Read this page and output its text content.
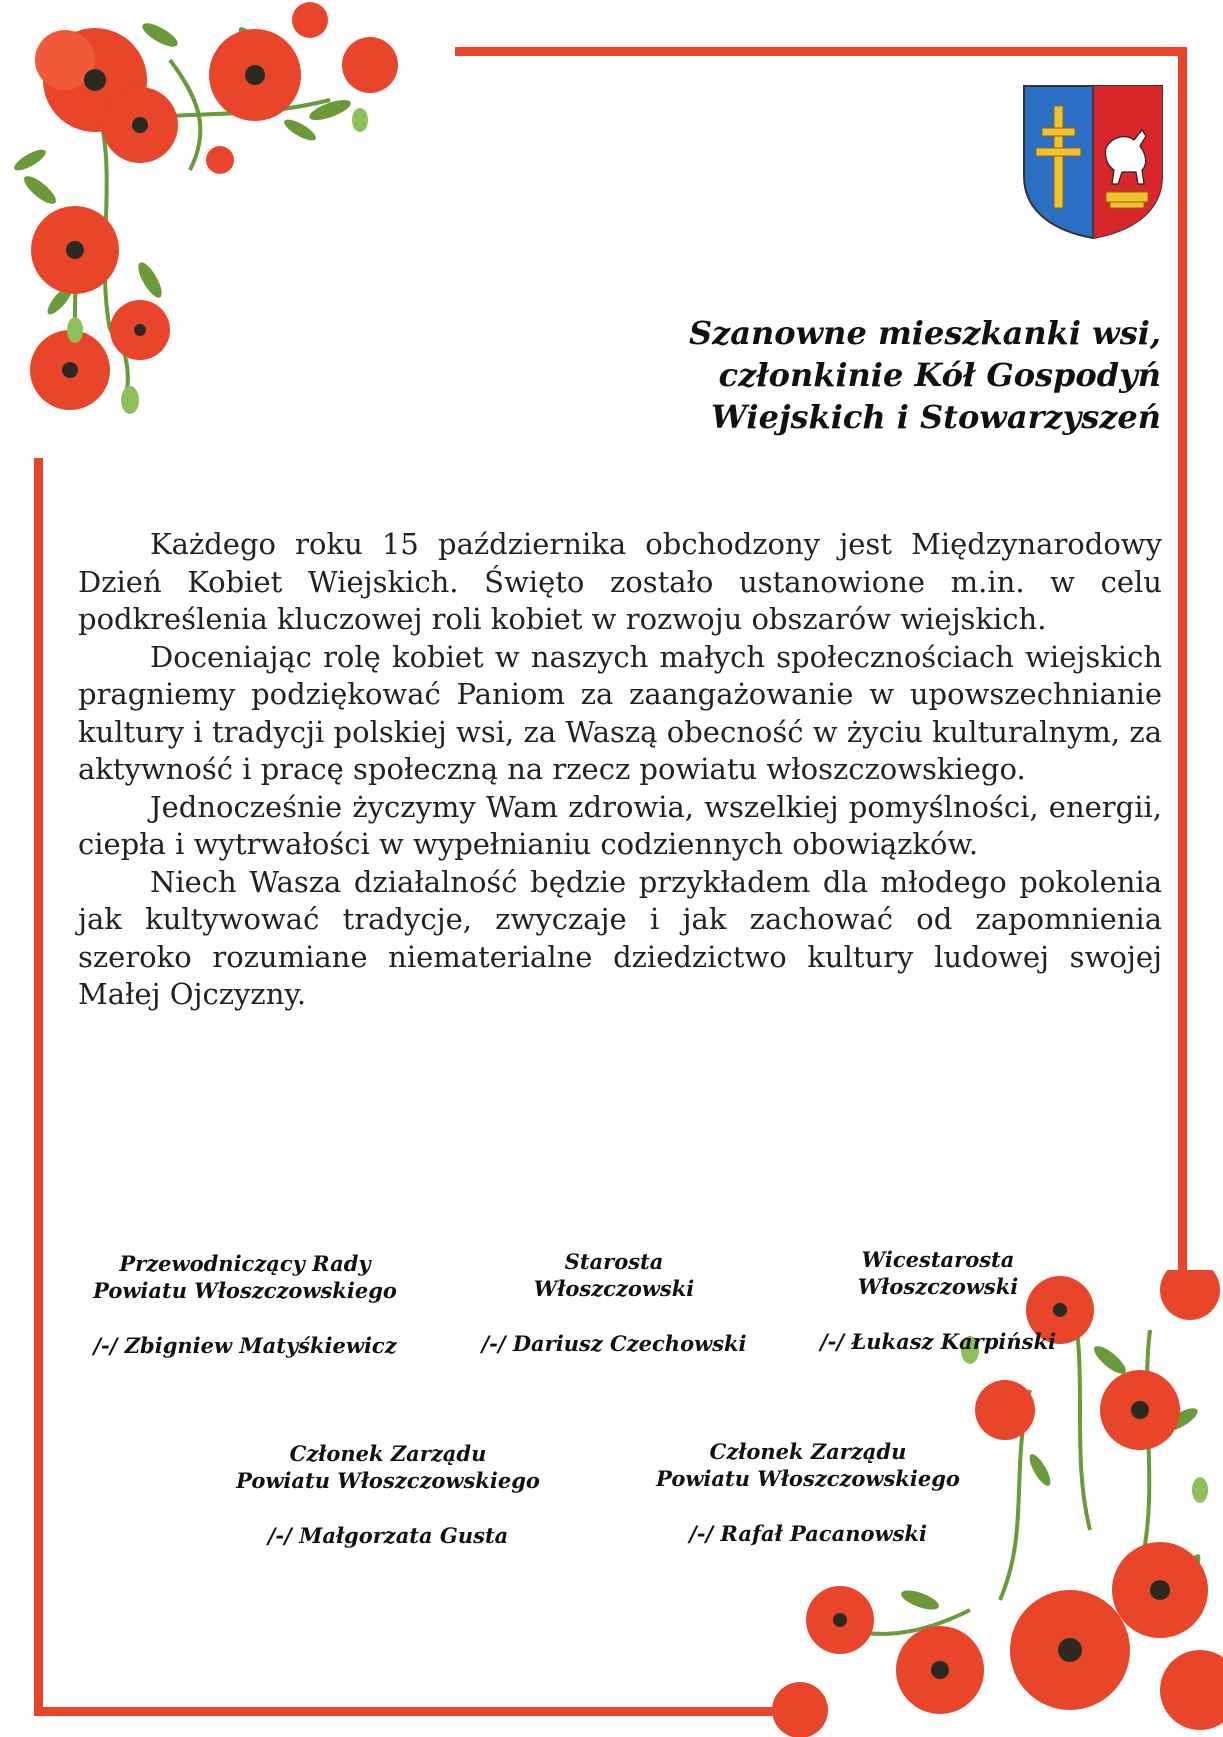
Szanowne mieszkanki wsi,
członkinie Kół Gospodyń
Wiejskich i Stowarzyszeń

Każdego roku 15 października obchodzony jest Międzynarodowy Dzień Kobiet Wiejskich. Święto zostało ustanowione m.in. w celu podkreślenia kluczowej roli kobiet w rozwoju obszarów wiejskich.

Doceniając rolę kobiet w naszych małych społecznościach wiejskich pragniemy podziękować Paniom za zaangażowanie w upowszechnianie kultury i tradycji polskiej wsi, za Waszą obecność w życiu kulturalnym, za aktywność i pracę społeczną na rzecz powiatu włoszczowskiego.

Jednocześnie życzymy Wam zdrowia, wszelkiej pomyślności, energii, ciepła i wytrwałości w wypełnianiu codziennych obowiązków.

Niech Wasza działalność będzie przykładem dla młodego pokolenia jak kultywować tradycje, zwyczaje i jak zachować od zapomnienia szeroko rozumiane niematerialne dziedzictwo kultury ludowej swojej Małej Ojczyzny.

Przewodniczący Rady
Powiatu Włoszczowskiego
/-/ Zbigniew Matyśkiewicz
Starosta
Włoszczowski
/-/ Dariusz Czechowski
Wicestarosta
Włoszczowski
/-/ Łukasz Karpiński
Członek Zarządu
Powiatu Włoszczowskiego
/-/ Małgorzata Gusta
Członek Zarządu
Powiatu Włoszczowskiego
/-/ Rafał Pacanowski
